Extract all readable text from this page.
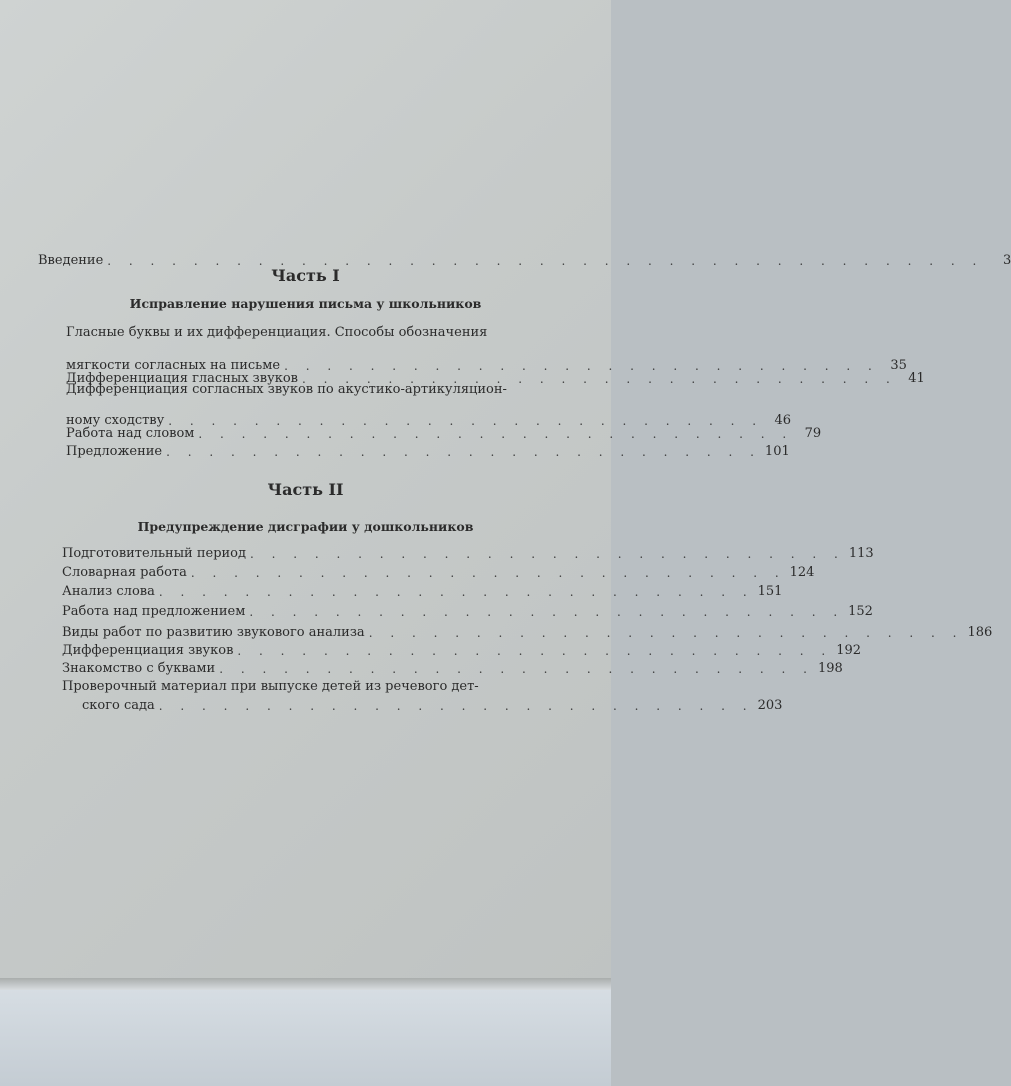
Введение . . . . . . . . . . . . . . . . . . . . . . . . . . . . . . . . . . . . . . . . .	3
Часть I
Исправление нарушения письма у школьников
Гласные буквы и их дифференциация. Способы обозначения
мягкости согласных на письме . . . . . . . . . . . . . . . . . . . . . . . . . . . . 35
Дифференциация гласных звуков . . . . . . . . . . . . . . . . . . . . . . . . . . . . 41
Дифференциация согласных звуков по акустико-артикуляцион-
ному сходству . . . . . . . . . . . . . . . . . . . . . . . . . . . . 46
Работа над словом . . . . . . . . . . . . . . . . . . . . . . . . . . . . 79
Предложение . . . . . . . . . . . . . . . . . . . . . . . . . . . . 101
Часть II
Предупреждение дисграфии у дошкольников
Подготовительный период . . . . . . . . . . . . . . . . . . . . . . . . . . . . 113
Словарная работа . . . . . . . . . . . . . . . . . . . . . . . . . . . . 124
Анализ слова . . . . . . . . . . . . . . . . . . . . . . . . . . . . 151
Работа над предложением . . . . . . . . . . . . . . . . . . . . . . . . . . . . 152
Виды работ по развитию звукового анализа . . . . . . . . . . . . . . . . . . . . . . . . . . . . 186
Дифференциация звуков . . . . . . . . . . . . . . . . . . . . . . . . . . . . 192
Знакомство с буквами . . . . . . . . . . . . . . . . . . . . . . . . . . . . 198
Проверочный материал при выпуске детей из речевого дет-
ского сада . . . . . . . . . . . . . . . . . . . . . . . . . . . . 203
